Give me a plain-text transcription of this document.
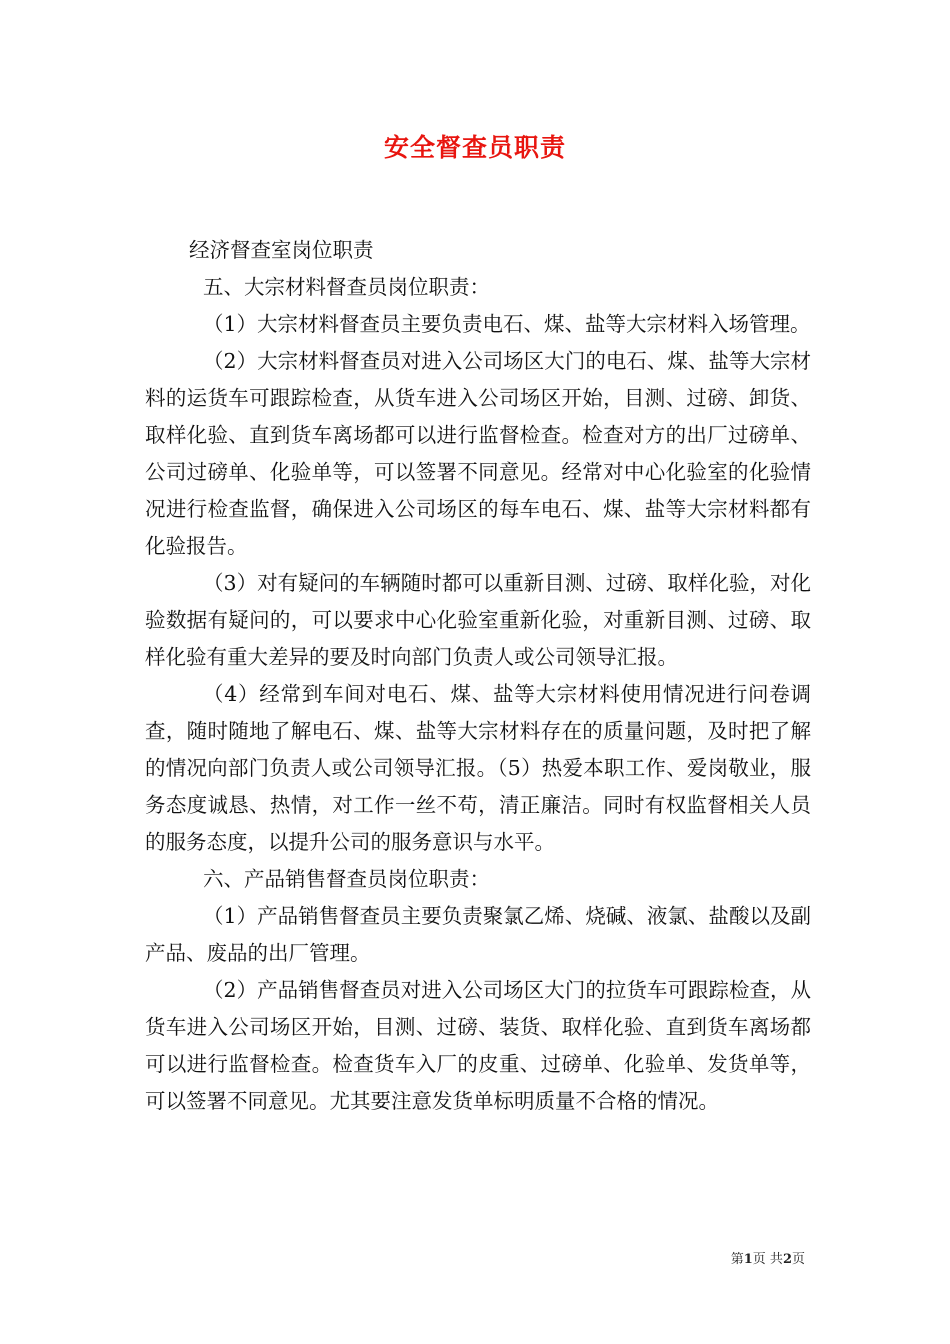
安全督查员职责

经济督查室岗位职责

五、大宗材料督查员岗位职责：

（1）大宗材料督查员主要负责电石、煤、盐等大宗材料入场管理。

（2）大宗材料督查员对进入公司场区大门的电石、煤、盐等大宗材料的运货车可跟踪检查，从货车进入公司场区开始，目测、过磅、卸货、取样化验、直到货车离场都可以进行监督检查。检查对方的出厂过磅单、公司过磅单、化验单等，可以签署不同意见。经常对中心化验室的化验情况进行检查监督，确保进入公司场区的每车电石、煤、盐等大宗材料都有化验报告。

（3）对有疑问的车辆随时都可以重新目测、过磅、取样化验，对化验数据有疑问的，可以要求中心化验室重新化验，对重新目测、过磅、取样化验有重大差异的要及时向部门负责人或公司领导汇报。

（4）经常到车间对电石、煤、盐等大宗材料使用情况进行问卷调查，随时随地了解电石、煤、盐等大宗材料存在的质量问题，及时把了解的情况向部门负责人或公司领导汇报。（5）热爱本职工作、爱岗敬业，服务态度诚恳、热情，对工作一丝不苟，清正廉洁。同时有权监督相关人员的服务态度，以提升公司的服务意识与水平。

六、产品销售督查员岗位职责：

（1）产品销售督查员主要负责聚氯乙烯、烧碱、液氯、盐酸以及副产品、废品的出厂管理。

（2）产品销售督查员对进入公司场区大门的拉货车可跟踪检查，从货车进入公司场区开始，目测、过磅、装货、取样化验、直到货车离场都可以进行监督检查。检查货车入厂的皮重、过磅单、化验单、发货单等，可以签署不同意见。尤其要注意发货单标明质量不合格的情况。

第1页 共2页
